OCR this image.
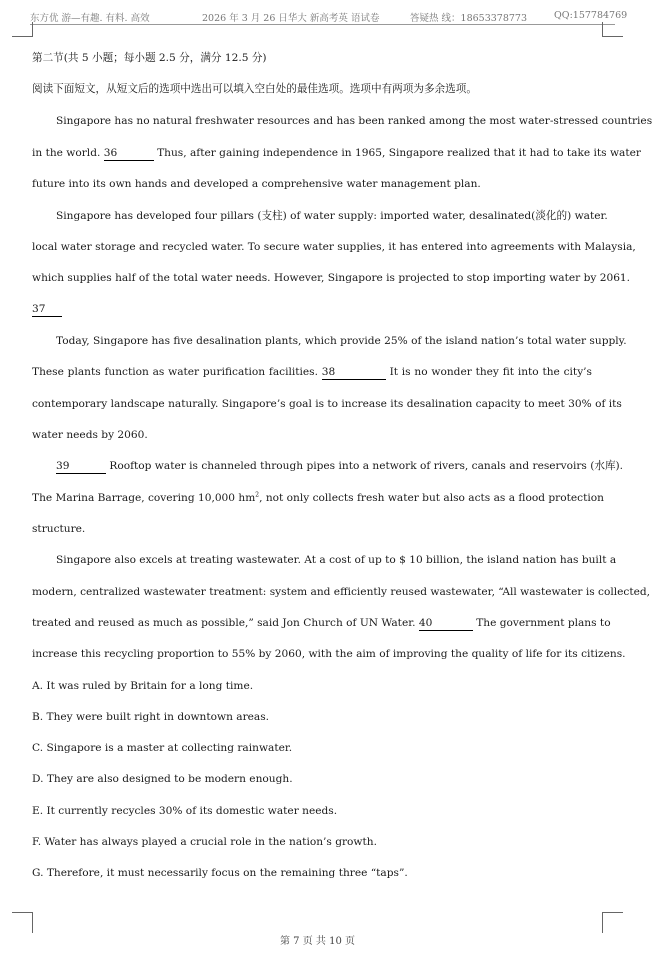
东方优 游—有趣. 有料. 高效	2026 年 3 月 26 日华大 新高考英 语试卷	答疑热 线：18653378773	QQ:157784769
第二节(共 5 小题；每小题 2.5 分，满分 12.5 分)
阅读下面短文，从短文后的选项中选出可以填入空白处的最佳选项。选项中有两项为多余选项。
Singapore has no natural freshwater resources and has been ranked among the most water-stressed countries
in the world. 36	Thus, after gaining independence in 1965, Singapore realized that it had to take its water
future into its own hands and developed a comprehensive water management plan.
Singapore has developed four pillars (支柱) of water supply: imported water, desalinated(淡化的) water.
local water storage and recycled water. To secure water supplies, it has entered into agreements with Malaysia,
which supplies half of the total water needs. However, Singapore is projected to stop importing water by 2061.
37
Today, Singapore has five desalination plants, which provide 25% of the island nation’s total water supply.
These plants function as water purification facilities. 38	It is no wonder they fit into the city’s
contemporary landscape naturally. Singapore’s goal is to increase its desalination capacity to meet 30% of its
water needs by 2060.
39	Rooftop water is channeled through pipes into a network of rivers, canals and reservoirs (水库).
The Marina Barrage, covering 10,000 $hm^2$, not only collects fresh water but also acts as a flood protection
structure.
Singapore also excels at treating wastewater. At a cost of up to $ 10 billion, the island nation has built a
modern, centralized wastewater treatment: system and efficiently reused wastewater, “All wastewater is collected,
treated and reused as much as possible,” said Jon Church of UN Water. 40	The government plans to
increase this recycling proportion to 55% by 2060, with the aim of improving the quality of life for its citizens.
A. It was ruled by Britain for a long time.
B. They were built right in downtown areas.
C. Singapore is a master at collecting rainwater.
D. They are also designed to be modern enough.
E. It currently recycles 30% of its domestic water needs.
F. Water has always played a crucial role in the nation’s growth.
G. Therefore, it must necessarily focus on the remaining three “taps”.
第 7 页 共 10 页
